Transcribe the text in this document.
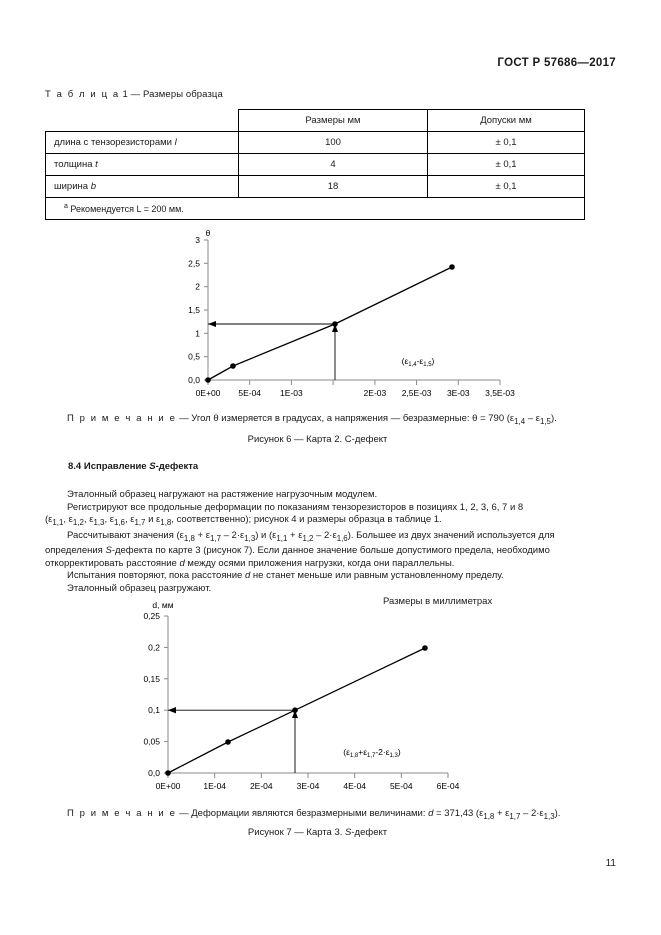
ГОСТ Р 57686—2017
Т а б л и ц а 1 — Размеры образца
	Размеры мм	Допуски мм
длина с тензорезисторами l	100	± 0,1
толщина t	4	± 0,1
ширина b	18	± 0,1
$^a$ Рекомендуется L = 200 мм.		
θ
0,0
0,5
1
1,5
2
2,5
3
0E+00 5E-04 1E-03	2E-03 2,5E-03 3E-03 3,5E-03
$(\varepsilon_{1,4}-\varepsilon_{1,5})$
П р и м е ч а н и е — Угол θ измеряется в градусах, а напряжения — безразмерные: θ = 790 $(\varepsilon_{1,4} - \varepsilon_{1,5})$.
Рисунок 6 — Карта 2. C-дефект
8.4 Исправление S-дефекта

Эталонный образец нагружают на растяжение нагрузочным модулем.

Регистрируют все продольные деформации по показаниям тензорезисторов в позициях 1, 2, 3, 6, 7 и 8
($\varepsilon_{1,1}$, $\varepsilon_{1,2}$, $\varepsilon_{1,3}$, $\varepsilon_{1,6}$, $\varepsilon_{1,7}$ и $\varepsilon_{1,8}$, соответственно); рисунок 4 и размеры образца в таблице 1.

Рассчитывают значения $(\varepsilon_{1,8} + \varepsilon_{1,7} - 2\cdot\varepsilon_{1,3})$ и $(\varepsilon_{1,1} + \varepsilon_{1,2} - 2\cdot\varepsilon_{1,6})$. Большее из двух значений используется для
определения S-дефекта по карте 3 (рисунок 7). Если данное значение больше допустимого предела, необходимо
откорректировать расстояние d между осями приложения нагрузки, когда они параллельны.

Испытания повторяют, пока расстояние d не станет меньше или равным установленному пределу.

Эталонный образец разгружают.

Размеры в миллиметрах
d, мм
0,0
0,05
0,1
0,15
0,2
0,25
0E+00	1E-04	2E-04	3E-04	4E-04	5E-04	6E-04
$(\varepsilon_{1,8}+\varepsilon_{1,7}-2\cdot\varepsilon_{1,3})$
П р и м е ч а н и е — Деформации являются безразмерными величинами: d = 371,43 $(\varepsilon_{1,8} + \varepsilon_{1,7} - 2\cdot\varepsilon_{1,3})$.
Рисунок 7 — Карта 3. S-дефект
11
